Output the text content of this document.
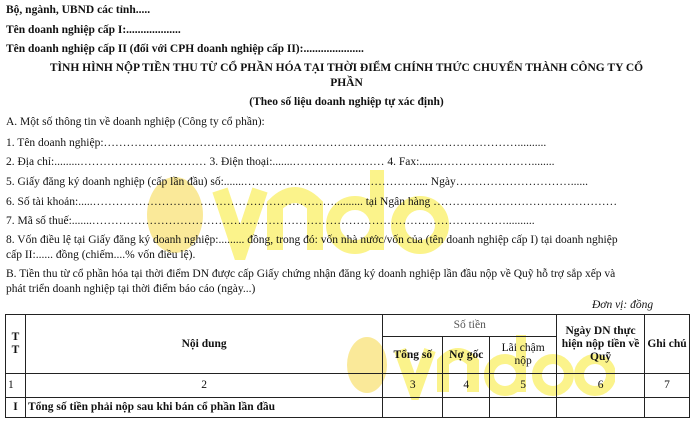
Bộ, ngành, UBND các tỉnh.....
Tên doanh nghiệp cấp I:...................
Tên doanh nghiệp cấp II (đối với CPH doanh nghiệp cấp II):.....................
TÌNH HÌNH NỘP TIỀN THU TỪ CỔ PHẦN HÓA TẠI THỜI ĐIỂM CHÍNH THỨC CHUYỂN THÀNH CÔNG TY CỔ
PHẦN
(Theo số liệu doanh nghiệp tự xác định)
A. Một số thông tin về doanh nghiệp (Công ty cổ phần):
1. Tên doanh nghiệp:………………………………………………………………………………………………..........
2. Địa chỉ:.........…………………………… 3. Điện thoại:.......…………………… 4. Fax:.......……………………........
5. Giấy đăng ký doanh nghiệp (cấp lần đầu) số:.......……………………………………….... Ngày…………………………......
6. Số tài khoản:.....……………………………………………………….......... tại Ngân hàng …………………………………………
7. Mã số thuế:.......………………………………………………………………………………………………..........
8. Vốn điều lệ tại Giấy đăng ký doanh nghiệp:......... đồng, trong đó: vốn nhà nước/vốn của (tên doanh nghiệp cấp I) tại doanh nghiệp
cấp II:...... đồng (chiếm....% vốn điều lệ).
B. Tiền thu từ cổ phần hóa tại thời điểm DN được cấp Giấy chứng nhận đăng ký doanh nghiệp lần đầu nộp về Quỹ hỗ trợ sắp xếp và
phát triển doanh nghiệp tại thời điểm báo cáo (ngày...)
Đơn vị: đồng
T T	Nội dung	Số tiền			Ngày DN thực hiện nộp tiền về Quỹ	Ghi chú
		Tổng số	Nợ gốc	Lãi chậm nộp		
1	2	3	4	5	6	7
I	Tổng số tiền phải nộp sau khi bán cổ phần lần đầu					
